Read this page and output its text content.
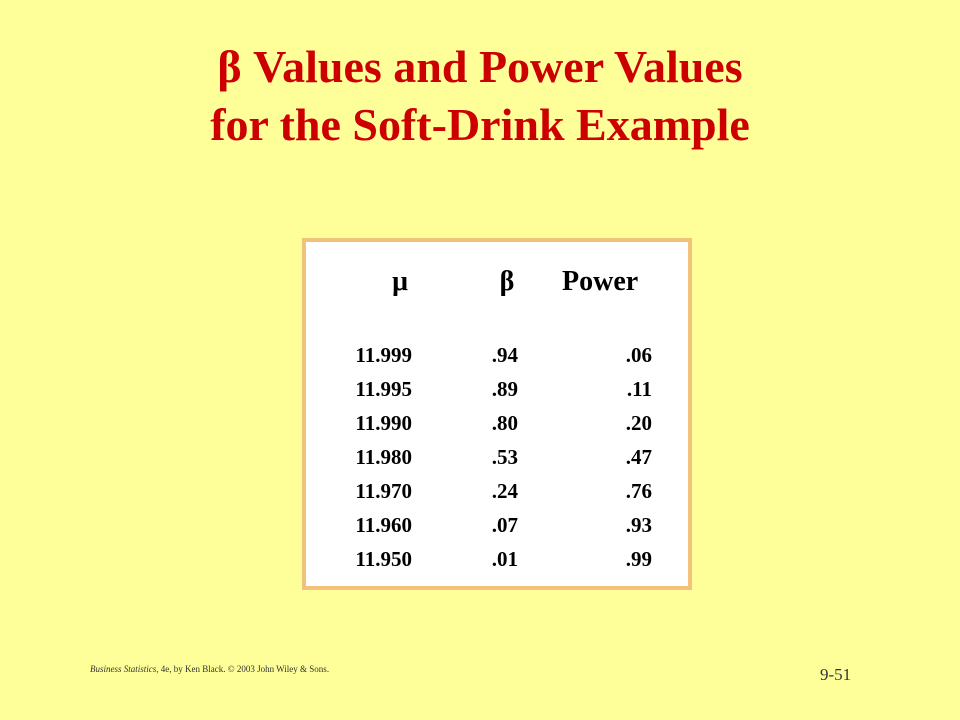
β Values and Power Values
for the Soft-Drink Example
μ	β Power
11.999	.94	.06
11.995	.89	.11
11.990	.80	.20
11.980	.53	.47
11.970	.24	.76
11.960	.07	.93
11.950	.01	.99
Business Statistics, 4e, by Ken Black. © 2003 John Wiley & Sons.	9-51
